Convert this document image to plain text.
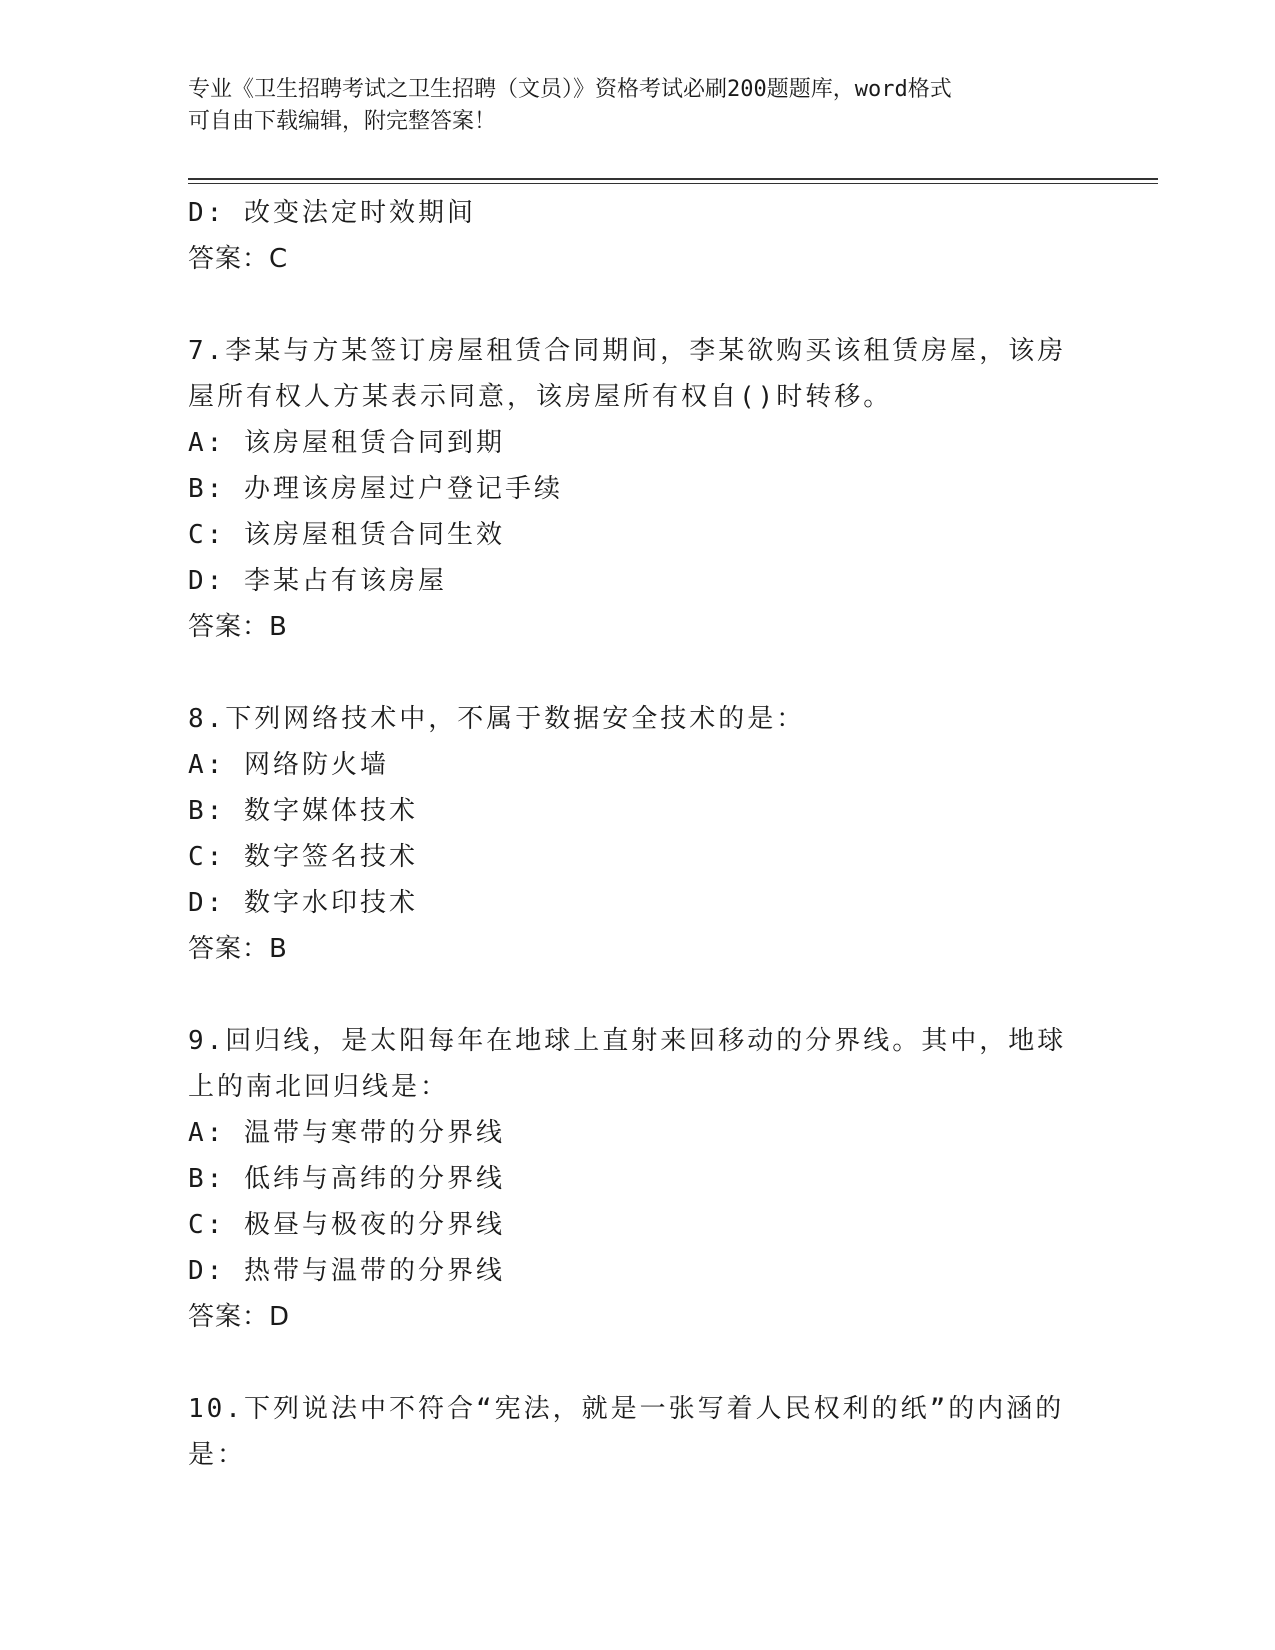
专业《卫生招聘考试之卫生招聘（文员）》资格考试必刷200题题库，word格式
可自由下载编辑，附完整答案！
D: 改变法定时效期间
答案：C
7.李某与方某签订房屋租赁合同期间，李某欲购买该租赁房屋，该房
屋所有权人方某表示同意，该房屋所有权自()时转移。
A: 该房屋租赁合同到期
B: 办理该房屋过户登记手续
C: 该房屋租赁合同生效
D: 李某占有该房屋
答案：B
8.下列网络技术中，不属于数据安全技术的是：
A: 网络防火墙
B: 数字媒体技术
C: 数字签名技术
D: 数字水印技术
答案：B
9.回归线，是太阳每年在地球上直射来回移动的分界线。其中，地球
上的南北回归线是：
A: 温带与寒带的分界线
B: 低纬与高纬的分界线
C: 极昼与极夜的分界线
D: 热带与温带的分界线
答案：D
10.下列说法中不符合“宪法，就是一张写着人民权利的纸”的内涵的
是：
